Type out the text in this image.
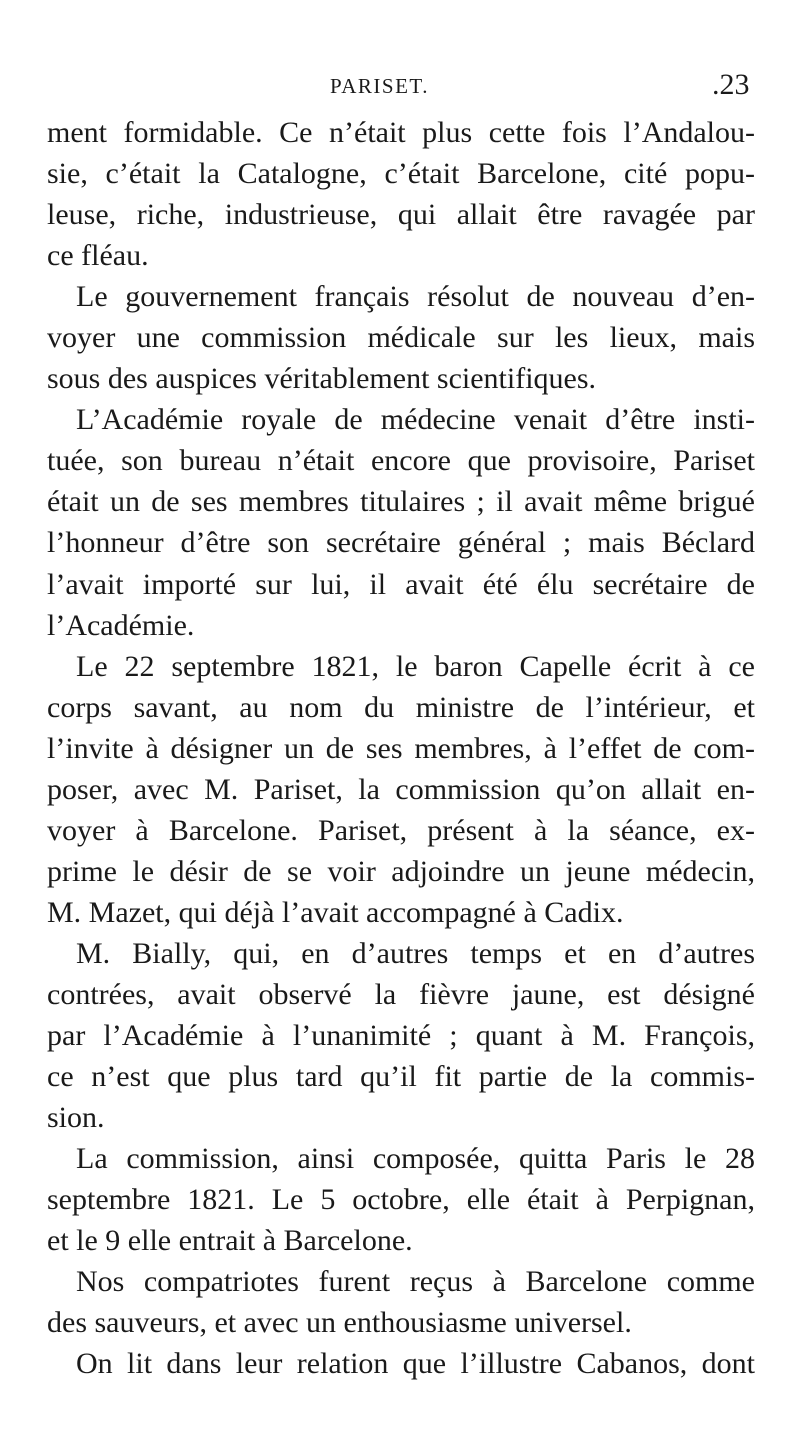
PARISET.	.23
ment formidable. Ce n’était plus cette fois l’Andalou-
sie, c’était la Catalogne, c’était Barcelone, cité popu-
leuse, riche, industrieuse, qui allait être ravagée par
ce fléau.
Le gouvernement français résolut de nouveau d’en-
voyer une commission médicale sur les lieux, mais
sous des auspices véritablement scientifiques.
L’Académie royale de médecine venait d’être insti-
tuée, son bureau n’était encore que provisoire, Pariset
était un de ses membres titulaires ; il avait même brigué
l’honneur d’être son secrétaire général ; mais Béclard
l’avait importé sur lui, il avait été élu secrétaire de
l’Académie.
Le 22 septembre 1821, le baron Capelle écrit à ce
corps savant, au nom du ministre de l’intérieur, et
l’invite à désigner un de ses membres, à l’effet de com-
poser, avec M. Pariset, la commission qu’on allait en-
voyer à Barcelone. Pariset, présent à la séance, ex-
prime le désir de se voir adjoindre un jeune médecin,
M. Mazet, qui déjà l’avait accompagné à Cadix.
M. Bially, qui, en d’autres temps et en d’autres
contrées, avait observé la fièvre jaune, est désigné
par l’Académie à l’unanimité ; quant à M. François,
ce n’est que plus tard qu’il fit partie de la commis-
sion.
La commission, ainsi composée, quitta Paris le 28
septembre 1821. Le 5 octobre, elle était à Perpignan,
et le 9 elle entrait à Barcelone.
Nos compatriotes furent reçus à Barcelone comme
des sauveurs, et avec un enthousiasme universel.
On lit dans leur relation que l’illustre Cabanos, dont
